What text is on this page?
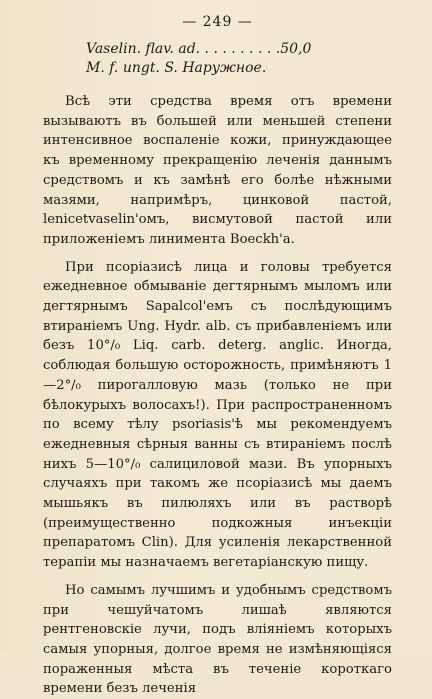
— 249 —
Vaselin. flav. ad. . . . . . . . . .50,0
M. f. ungt. S. Наружное.

Всѣ эти средства время отъ времени вызываютъ въ большей или меньшей степени интенсивное воспаленіе кожи, принуждающее къ временному прекращенію леченія даннымъ средствомъ и къ замѣнѣ его болѣе нѣжными мазями, напримѣръ, цинковой пастой, lenicetvaselin'омъ, висмутовой пастой или приложеніемъ линимента Boeckh'а.

При псоріазисѣ лица и головы требуется ежедневное обмываніе дегтярнымъ мыломъ или дегтярнымъ Sapalcol'емъ съ послѣдующимъ втираніемъ Ung. Hydr. alb. съ прибавленіемъ или безъ 10°/₀ Liq. carb. deterg. anglic. Иногда, соблюдая большую осторожность, примѣняютъ 1—2°/₀ пирогалловую мазь (только не при бѣлокурыхъ волосахъ!). При распространенномъ по всему тѣлу psoriasis'ѣ мы рекомендуемъ ежедневныя сѣрныя ванны съ втираніемъ послѣ нихъ 5—10°/₀ салициловой мази. Въ упорныхъ случаяхъ при такомъ же псоріазисѣ мы даемъ мышьякъ въ пилюляхъ или въ растворѣ (преимущественно подкожныя инъекціи препаратомъ Clin). Для усиленія лекарственной терапіи мы назначаемъ вегетаріанскую пищу.

Но самымъ лучшимъ и удобнымъ средствомъ при чешуйчатомъ лишаѣ являются рентгеновскіе лучи, подъ вліяніемъ которыхъ самыя упорныя, долгое время не измѣняющіяся пораженныя мѣста въ теченіе короткаго времени безъ леченія
